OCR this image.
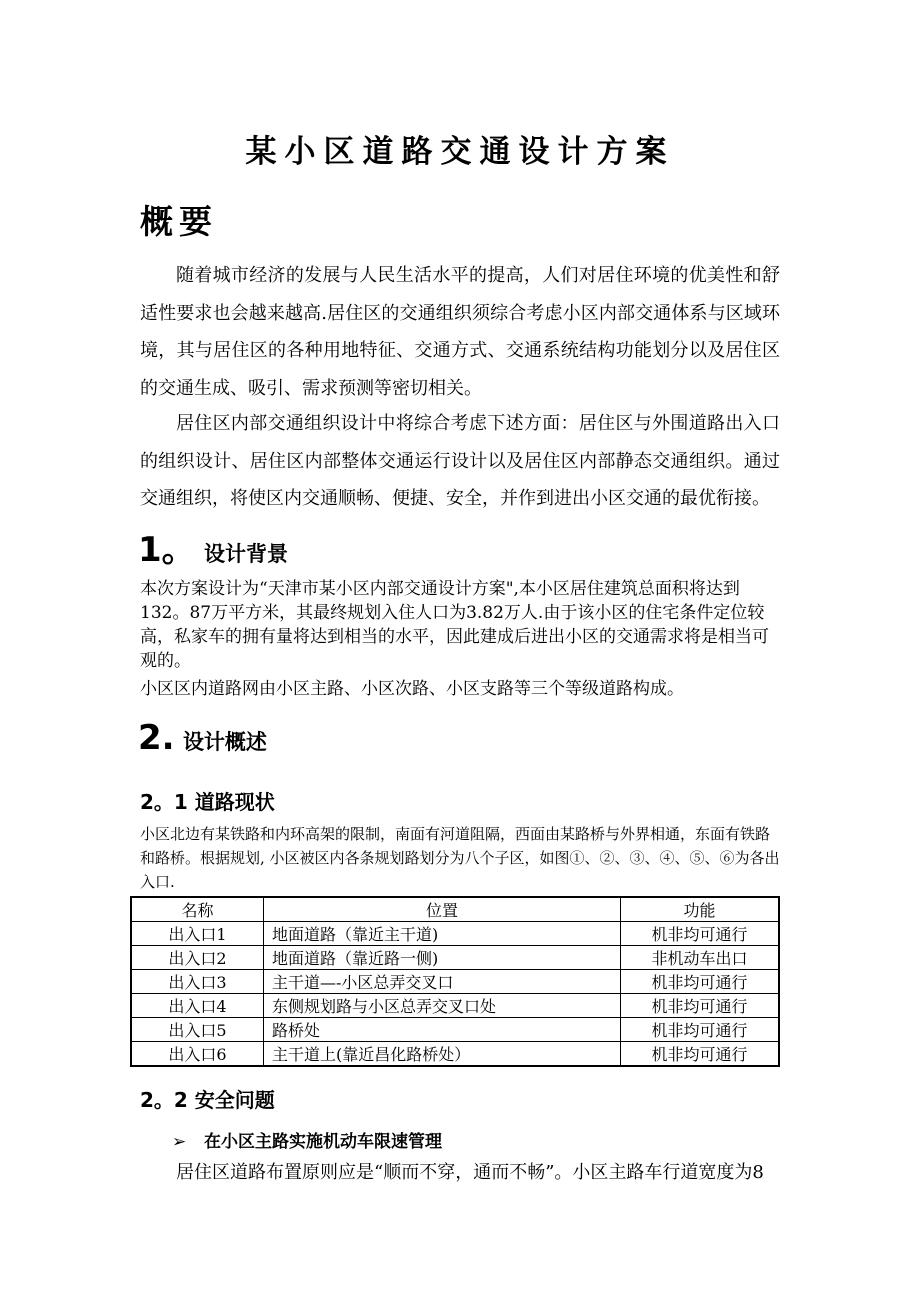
某小区道路交通设计方案
概要

随着城市经济的发展与人民生活水平的提高，人们对居住环境的优美性和舒适性要求也会越来越高.居住区的交通组织须综合考虑小区内部交通体系与区域环境，其与居住区的各种用地特征、交通方式、交通系统结构功能划分以及居住区的交通生成、吸引、需求预测等密切相关。

居住区内部交通组织设计中将综合考虑下述方面：居住区与外围道路出入口的组织设计、居住区内部整体交通运行设计以及居住区内部静态交通组织。通过交通组织，将使区内交通顺畅、便捷、安全，并作到进出小区交通的最优衔接。

1。 设计背景

本次方案设计为“天津市某小区内部交通设计方案",本小区居住建筑总面积将达到132。87万平方米，其最终规划入住人口为3.82万人.由于该小区的住宅条件定位较高，私家车的拥有量将达到相当的水平，因此建成后进出小区的交通需求将是相当可观的。

小区区内道路网由小区主路、小区次路、小区支路等三个等级道路构成。

2. 设计概述
2。1 道路现状

小区北边有某铁路和内环高架的限制，南面有河道阻隔，西面由某路桥与外界相通，东面有铁路和路桥。根据规划, 小区被区内各条规划路划分为八个子区，如图①、②、③、④、⑤、⑥为各出入口.

名称	位置	功能
出入口1	地面道路（靠近主干道)	机非均可通行
出入口2	地面道路（靠近路一侧)	非机动车出口
出入口3	主干道—-小区总弄交叉口	机非均可通行
出入口4	东侧规划路与小区总弄交叉口处	机非均可通行
出入口5	路桥处	机非均可通行
出入口6	主干道上(靠近昌化路桥处）	机非均可通行
2。2 安全问题

➢ 在小区主路实施机动车限速管理

居住区道路布置原则应是“顺而不穿，通而不畅”。小区主路车行道宽度为8
